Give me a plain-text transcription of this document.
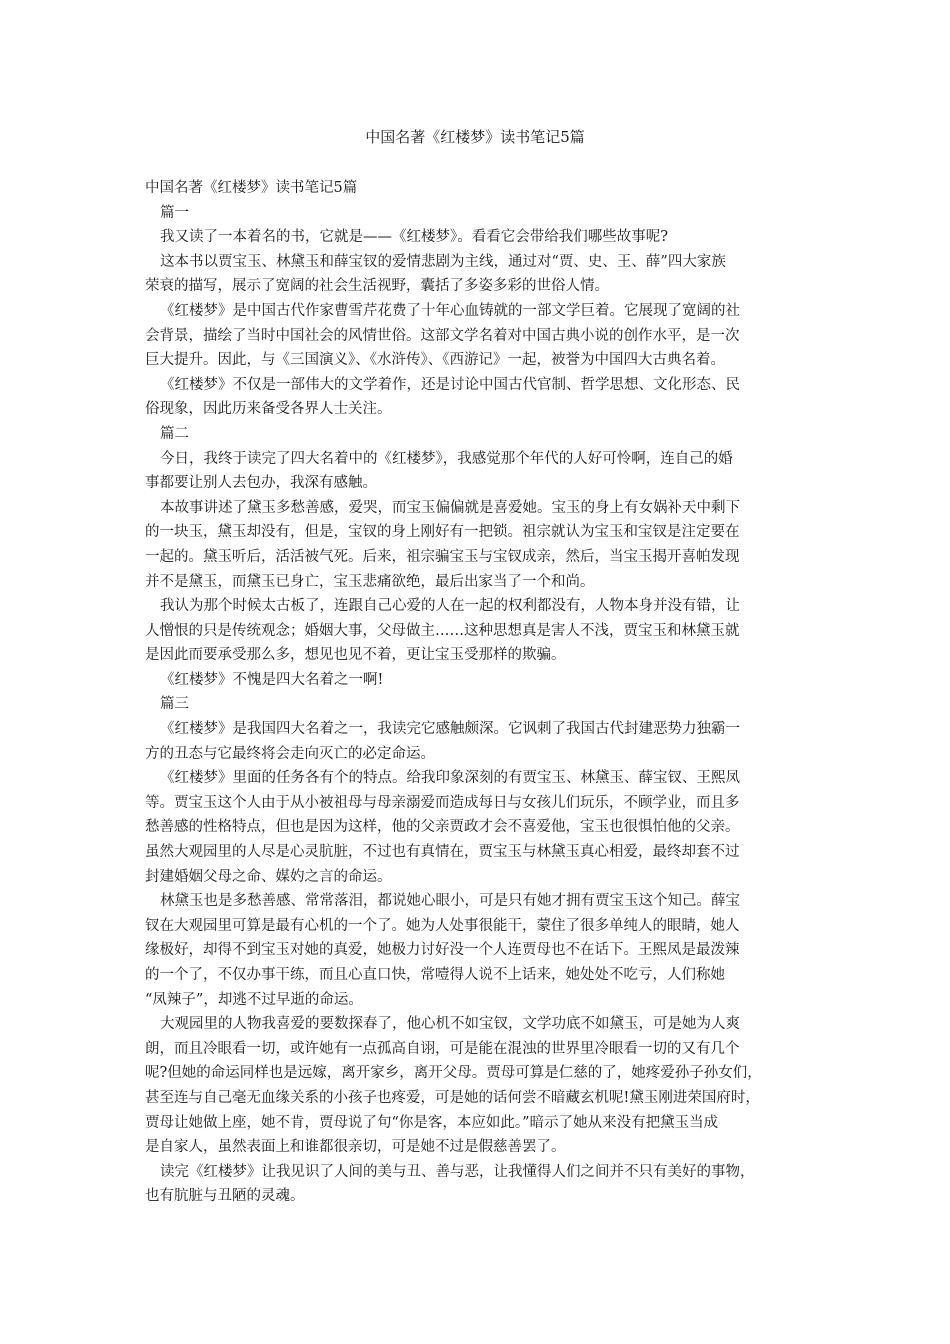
中国名著《红楼梦》读书笔记5篇
中国名著《红楼梦》读书笔记5篇
篇一
我又读了一本着名的书，它就是——《红楼梦》。看看它会带给我们哪些故事呢?
这本书以贾宝玉、林黛玉和薛宝钗的爱情悲剧为主线，通过对“贾、史、王、薛”四大家族
荣衰的描写，展示了宽阔的社会生活视野，囊括了多姿多彩的世俗人情。
《红楼梦》是中国古代作家曹雪芹花费了十年心血铸就的一部文学巨着。它展现了宽阔的社
会背景，描绘了当时中国社会的风情世俗。这部文学名着对中国古典小说的创作水平，是一次
巨大提升。因此，与《三国演义》、《水浒传》、《西游记》一起，被誉为中国四大古典名着。
《红楼梦》不仅是一部伟大的文学着作，还是讨论中国古代官制、哲学思想、文化形态、民
俗现象，因此历来备受各界人士关注。
篇二
今日，我终于读完了四大名着中的《红楼梦》，我感觉那个年代的人好可怜啊，连自己的婚
事都要让别人去包办，我深有感触。
本故事讲述了黛玉多愁善感，爱哭，而宝玉偏偏就是喜爱她。宝玉的身上有女娲补天中剩下
的一块玉，黛玉却没有，但是，宝钗的身上刚好有一把锁。祖宗就认为宝玉和宝钗是注定要在
一起的。黛玉听后，活活被气死。后来，祖宗骗宝玉与宝钗成亲，然后，当宝玉揭开喜帕发现
并不是黛玉，而黛玉已身亡，宝玉悲痛欲绝，最后出家当了一个和尚。
我认为那个时候太古板了，连跟自己心爱的人在一起的权利都没有，人物本身并没有错，让
人憎恨的只是传统观念；婚姻大事，父母做主……这种思想真是害人不浅，贾宝玉和林黛玉就
是因此而要承受那么多，想见也见不着，更让宝玉受那样的欺骗。
《红楼梦》不愧是四大名着之一啊!
篇三
《红楼梦》是我国四大名着之一，我读完它感触颇深。它讽刺了我国古代封建恶势力独霸一
方的丑态与它最终将会走向灭亡的必定命运。
《红楼梦》里面的任务各有个的特点。给我印象深刻的有贾宝玉、林黛玉、薛宝钗、王熙凤
等。贾宝玉这个人由于从小被祖母与母亲溺爱而造成每日与女孩儿们玩乐，不顾学业，而且多
愁善感的性格特点，但也是因为这样，他的父亲贾政才会不喜爱他，宝玉也很惧怕他的父亲。
虽然大观园里的人尽是心灵肮脏，不过也有真情在，贾宝玉与林黛玉真心相爱，最终却套不过
封建婚姻父母之命、媒妁之言的命运。
林黛玉也是多愁善感、常常落泪，都说她心眼小，可是只有她才拥有贾宝玉这个知己。薛宝
钗在大观园里可算是最有心机的一个了。她为人处事很能干，蒙住了很多单纯人的眼睛，她人
缘极好，却得不到宝玉对她的真爱，她极力讨好没一个人连贾母也不在话下。王熙凤是最泼辣
的一个了，不仅办事干练，而且心直口快，常噎得人说不上话来，她处处不吃亏，人们称她
“凤辣子”，却逃不过早逝的命运。
大观园里的人物我喜爱的要数探春了，他心机不如宝钗，文学功底不如黛玉，可是她为人爽
朗，而且冷眼看一切，或许她有一点孤高自诩，可是能在混浊的世界里冷眼看一切的又有几个
呢?但她的命运同样也是远嫁，离开家乡，离开父母。贾母可算是仁慈的了，她疼爱孙子孙女们，
甚至连与自己毫无血缘关系的小孩子也疼爱，可是她的话何尝不暗藏玄机呢!黛玉刚进荣国府时，
贾母让她做上座，她不肯，贾母说了句“你是客，本应如此。”暗示了她从来没有把黛玉当成
是自家人，虽然表面上和谁都很亲切，可是她不过是假慈善罢了。
读完《红楼梦》让我见识了人间的美与丑、善与恶，让我懂得人们之间并不只有美好的事物，
也有肮脏与丑陋的灵魂。
